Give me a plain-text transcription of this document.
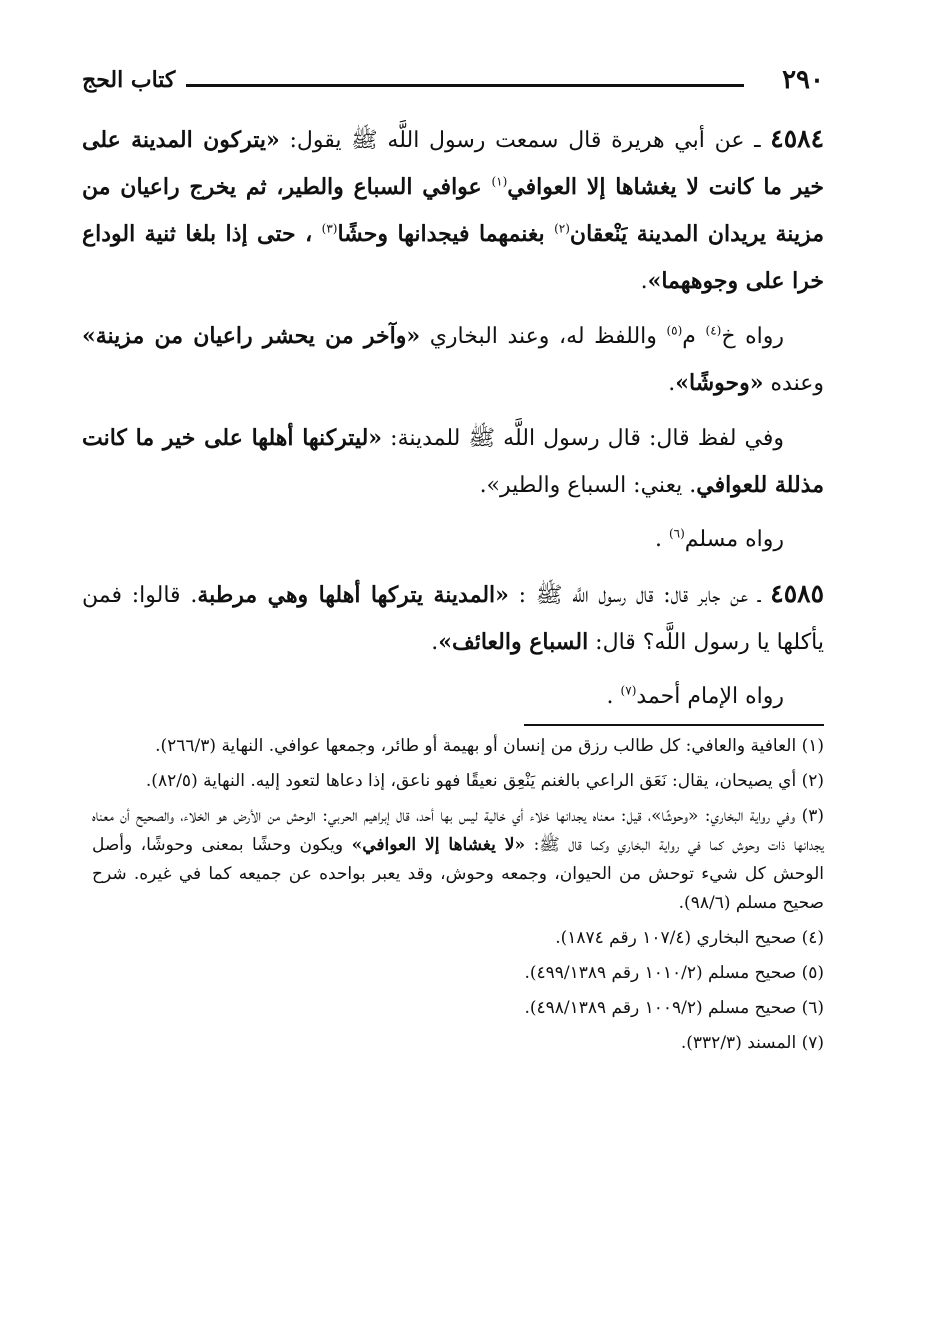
٢٩٠
كتاب الحج

٤٥٨٤ ـ عن أبي هريرة قال سمعت رسول اللَّه ﷺ يقول: «يتركون المدينة على خير ما كانت لا يغشاها إلا العوافي$^{(١)}$ عوافي السباع والطير، ثم يخرج راعيان من مزينة يريدان المدينة يَنْعقان$^{(٢)}$ بغنمهما فيجدانها وحشًا$^{(٣)}$ ، حتى إذا بلغا ثنية الوداع خرا على وجوههما».

رواه خ$^{(٤)}$ م$^{(٥)}$ واللفظ له، وعند البخاري «وآخر من يحشر راعيان من مزينة» وعنده «وحوشًا».

وفي لفظ قال: قال رسول اللَّه ﷺ للمدينة: «ليتركنها أهلها على خير ما كانت مذللة للعوافي. يعني: السباع والطير».

رواه مسلم$^{(٦)}$ .

٤٥٨٥ ـ عن جابر قال: قال رسول اللَّه ﷺ : «المدينة يتركها أهلها وهي مرطبة. قالوا: فمن يأكلها يا رسول اللَّه؟ قال: السباع والعائف».

رواه الإمام أحمد$^{(٧)}$ .

(١) العافية والعافي: كل طالب رزق من إنسان أو بهيمة أو طائر، وجمعها عوافي. النهاية (٢٦٦/٣).

(٢) أي يصيحان، يقال: نَعَق الراعي بالغنم يَنْعِق نعيقًا فهو ناعق، إذا دعاها لتعود إليه. النهاية (٨٢/٥).

(٣) وفي رواية البخاري: «وحوشًا»، قيل: معناه يجدانها خلاء أي خالية ليس بها أحد، قال إبراهيم الحربي: الوحش من الأرض هو الخلاء، والصحيح أن معناه يجدانها ذات وحوش كما في رواية البخاري وكما قال ﷺ: «لا يغشاها إلا العوافي» ويكون وحشًا بمعنى وحوشًا، وأصل الوحش كل شيء توحش من الحيوان، وجمعه وحوش، وقد يعبر بواحده عن جميعه كما في غيره. شرح صحيح مسلم (٩٨/٦).

(٤) صحيح البخاري (١٠٧/٤ رقم ١٨٧٤).

(٥) صحيح مسلم (١٠١٠/٢ رقم ٤٩٩/١٣٨٩).

(٦) صحيح مسلم (١٠٠٩/٢ رقم ٤٩٨/١٣٨٩).

(٧) المسند (٣٣٢/٣).
